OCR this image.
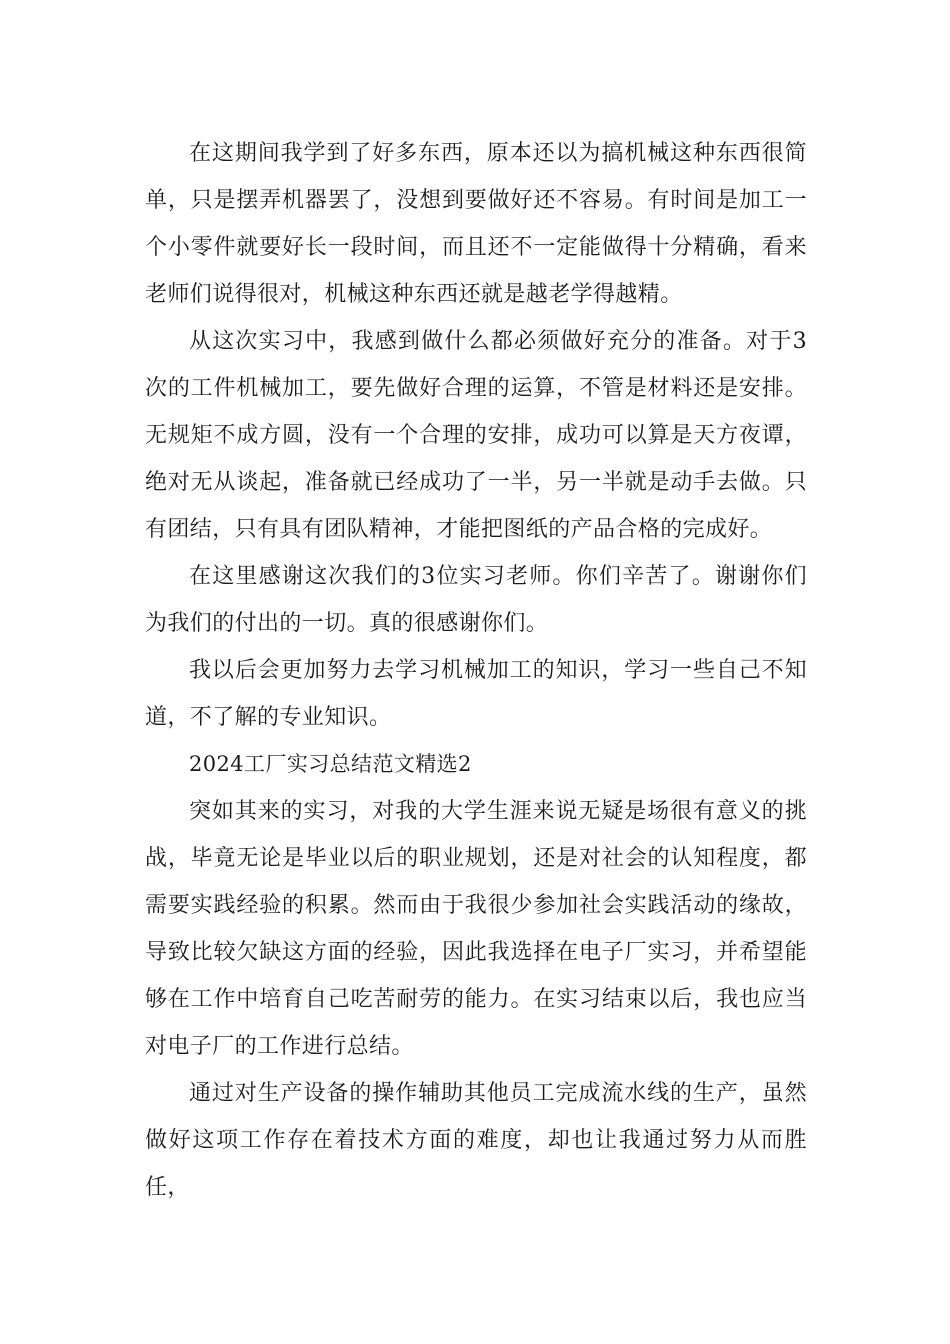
在这期间我学到了好多东西，原本还以为搞机械这种东西很简单，只是摆弄机器罢了，没想到要做好还不容易。有时间是加工一个小零件就要好长一段时间，而且还不一定能做得十分精确，看来老师们说得很对，机械这种东西还就是越老学得越精。

从这次实习中，我感到做什么都必须做好充分的准备。对于3次的工件机械加工，要先做好合理的运算，不管是材料还是安排。无规矩不成方圆，没有一个合理的安排，成功可以算是天方夜谭，绝对无从谈起，准备就已经成功了一半，另一半就是动手去做。只有团结，只有具有团队精神，才能把图纸的产品合格的完成好。

在这里感谢这次我们的3位实习老师。你们辛苦了。谢谢你们为我们的付出的一切。真的很感谢你们。

我以后会更加努力去学习机械加工的知识，学习一些自己不知道，不了解的专业知识。

2024工厂实习总结范文精选2

突如其来的实习，对我的大学生涯来说无疑是场很有意义的挑战，毕竟无论是毕业以后的职业规划，还是对社会的认知程度，都需要实践经验的积累。然而由于我很少参加社会实践活动的缘故，导致比较欠缺这方面的经验，因此我选择在电子厂实习，并希望能够在工作中培育自己吃苦耐劳的能力。在实习结束以后，我也应当对电子厂的工作进行总结。

通过对生产设备的操作辅助其他员工完成流水线的生产，虽然做好这项工作存在着技术方面的难度，却也让我通过努力从而胜任，
